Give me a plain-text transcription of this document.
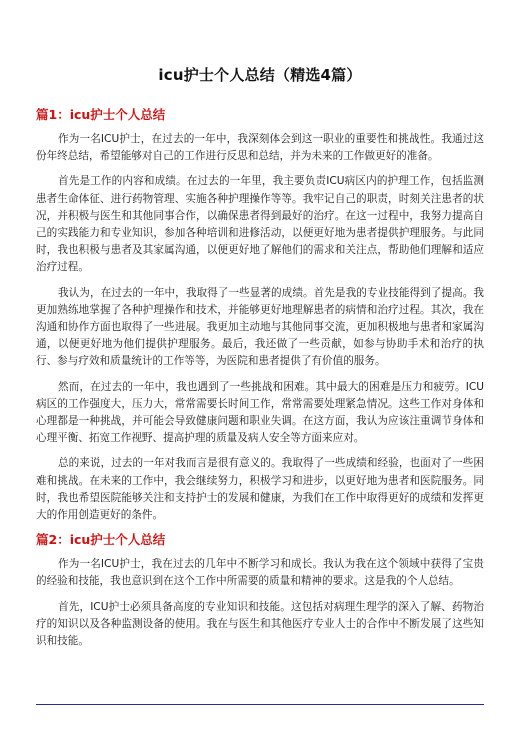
icu护士个人总结（精选4篇）
篇1：icu护士个人总结

作为一名ICU护士，在过去的一年中，我深刻体会到这一职业的重要性和挑战性。我通过这份年终总结，希望能够对自己的工作进行反思和总结，并为未来的工作做更好的准备。

首先是工作的内容和成绩。在过去的一年里，我主要负责ICU病区内的护理工作，包括监测患者生命体征、进行药物管理、实施各种护理操作等等。我牢记自己的职责，时刻关注患者的状况，并积极与医生和其他同事合作，以确保患者得到最好的治疗。在这一过程中，我努力提高自己的实践能力和专业知识，参加各种培训和进修活动，以便更好地为患者提供护理服务。与此同时，我也积极与患者及其家属沟通，以便更好地了解他们的需求和关注点，帮助他们理解和适应治疗过程。

我认为，在过去的一年中，我取得了一些显著的成绩。首先是我的专业技能得到了提高。我更加熟练地掌握了各种护理操作和技术，并能够更好地理解患者的病情和治疗过程。其次，我在沟通和协作方面也取得了一些进展。我更加主动地与其他同事交流，更加积极地与患者和家属沟通，以便更好地为他们提供护理服务。最后，我还做了一些贡献，如参与协助手术和治疗的执行、参与疗效和质量统计的工作等等，为医院和患者提供了有价值的服务。

然而，在过去的一年中，我也遇到了一些挑战和困难。其中最大的困难是压力和疲劳。ICU病区的工作强度大，压力大，常常需要长时间工作，常常需要处理紧急情况。这些工作对身体和心理都是一种挑战，并可能会导致健康问题和职业失调。在这方面，我认为应该注重调节身体和心理平衡、拓宽工作视野、提高护理的质量及病人安全等方面来应对。

总的来说，过去的一年对我而言是很有意义的。我取得了一些成绩和经验，也面对了一些困难和挑战。在未来的工作中，我会继续努力，积极学习和进步，以更好地为患者和医院服务。同时，我也希望医院能够关注和支持护士的发展和健康，为我们在工作中取得更好的成绩和发挥更大的作用创造更好的条件。

篇2：icu护士个人总结

作为一名ICU护士，我在过去的几年中不断学习和成长。我认为我在这个领域中获得了宝贵的经验和技能，我也意识到在这个工作中所需要的质量和精神的要求。这是我的个人总结。

首先，ICU护士必须具备高度的专业知识和技能。这包括对病理生理学的深入了解、药物治疗的知识以及各种监测设备的使用。我在与医生和其他医疗专业人士的合作中不断发展了这些知识和技能。
